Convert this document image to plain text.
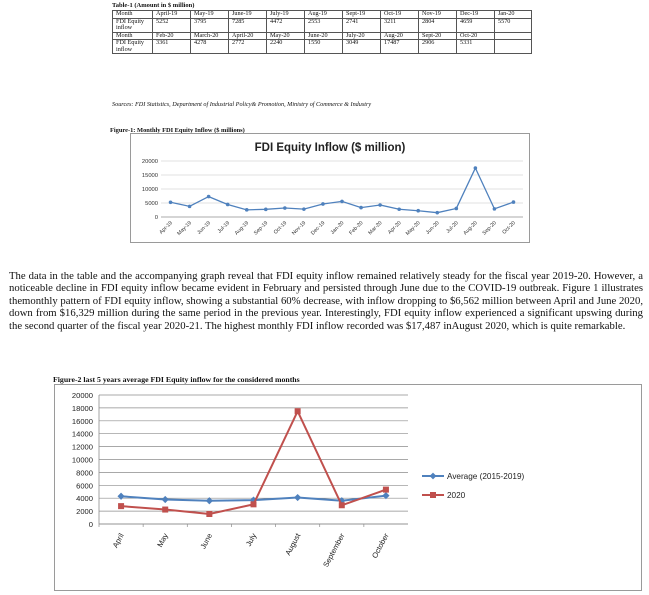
Table-1 (Amount in $ million)
Month	April-19	May-19	June-19	July-19	Aug-19	Sept-19	Oct-19	Nov-19	Dec-19	Jan-20
FDI Equity inflow	5252	3795	7285	4472	2553	2741	3211	2804	4659	5570
Month	Feb-20	March-20	April-20	May-20	June-20	July-20	Aug-20	Sept-20	Oct-20	
FDI Equity inflow	3361	4278	2772	2240	1550	3049	17487	2906	5331	
Sources: FDI Statistics, Department of Industrial Policy& Promotion, Ministry of Commerce & Industry
Figure-1: Monthly FDI Equity Inflow ($ millions)
FDI Equity Inflow ($ million)
0
5000
10000
15000
20000
Apr-19 May-19 Jun-19 Jul-19 Aug-19 Sep-19 Oct-19 Nov-19 Dec-19 Jan-20 Feb-20 Mar-20 Apr-20 May-20 Jun-20 Jul-20 Aug-20 Sep-20 Oct-20

The data in the table and the accompanying graph reveal that FDI equity inflow remained relatively steady for the fiscal year 2019-20. However, a noticeable decline in FDI equity inflow became evident in February and persisted through June due to the COVID-19 outbreak. Figure 1 illustrates themonthly pattern of FDI equity inflow, showing a substantial 60% decrease, with inflow dropping to $6,562 million between April and June 2020, down from $16,329 million during the same period in the previous year. Interestingly, FDI equity inflow experienced a significant upswing during the second quarter of the fiscal year 2020-21. The highest monthly FDI inflow recorded was $17,487 inAugust 2020, which is quite remarkable.

Figure-2 last 5 years average FDI Equity inflow for the considered months
0
2000
4000
6000
8000
10000
12000
14000
16000
18000
20000
April	May	June	July	August September	October
Average (2015-2019)
2020
